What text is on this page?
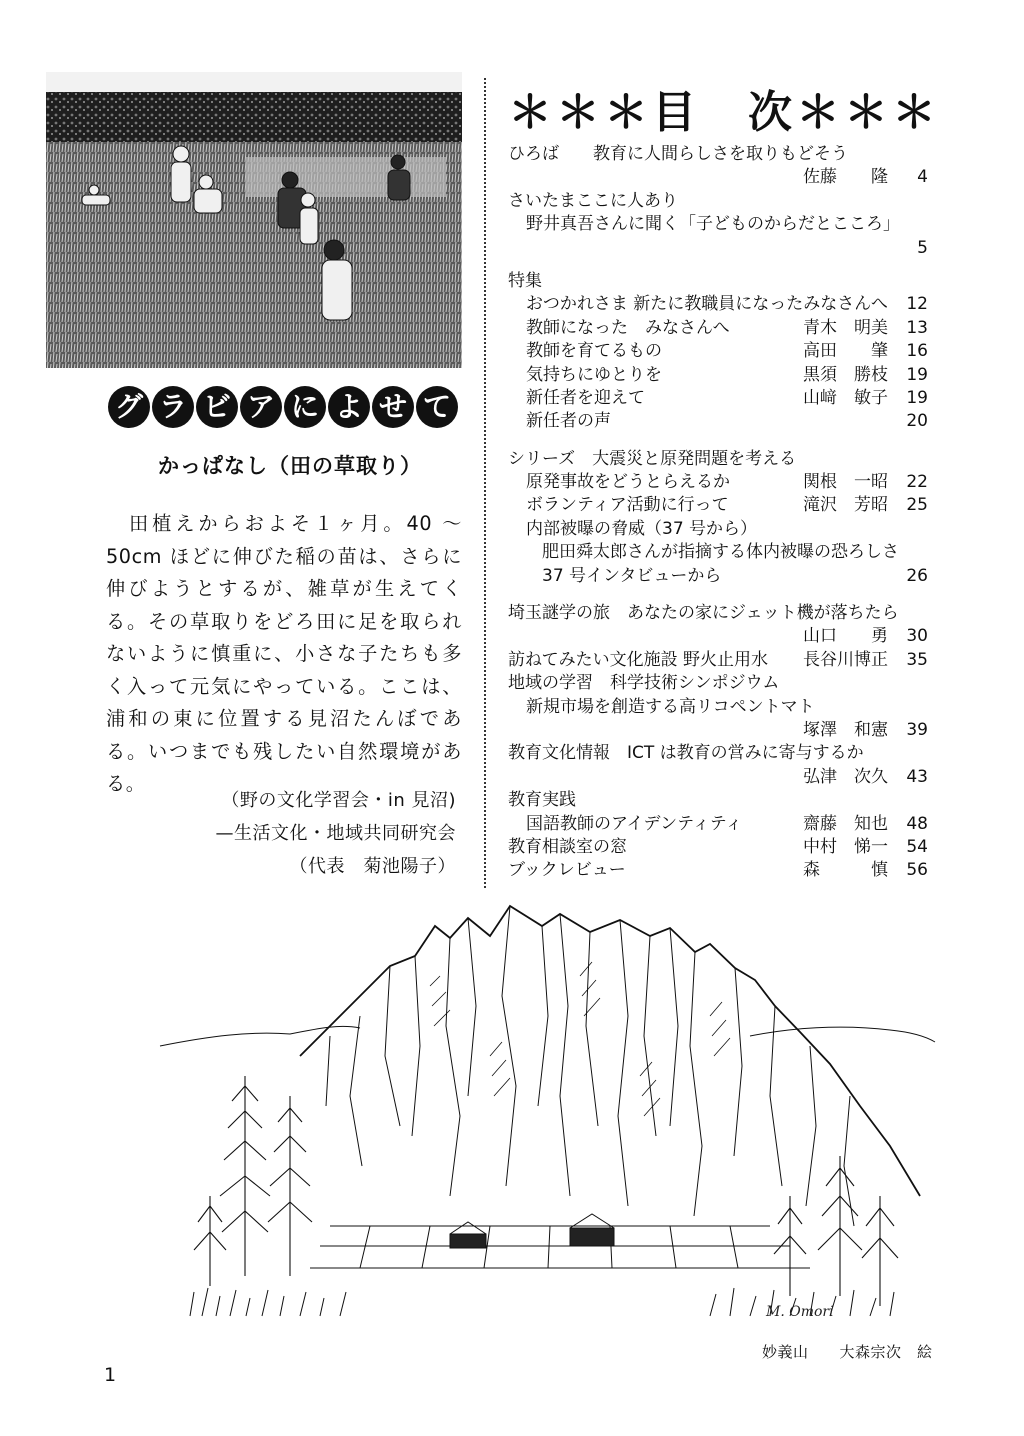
グ ラ ビ ア に よ せ て
かっぱなし（田の草取り）
田植えからおよそ１ヶ月。40 〜 50cm ほどに伸びた稲の苗は、さらに伸びようとするが、雑草が生えてくる。その草取りをどろ田に足を取られないように慎重に、小さな子たちも多く入って元気にやっている。ここは、浦和の東に位置する見沼たんぼである。いつまでも残したい自然環境がある。
（野の文化学習会・in 見沼)
—生活文化・地域共同研究会
（代表　菊池陽子）
＊＊＊目　次＊＊＊
ひろば　　教育に人間らしさを取りもどそう
佐藤　　隆	4
さいたまここに人あり
野井真吾さんに聞く「子どものからだとこころ」
5
特集
おつかれさま 新たに教職員になったみなさんへ	12
教師になった　みなさんへ	青木　明美	13
教師を育てるもの	高田　　肇	16
気持ちにゆとりを	黒須　勝枝	19
新任者を迎えて	山﨑　敏子	19
新任者の声	20
シリーズ　大震災と原発問題を考える
原発事故をどうとらえるか	関根　一昭	22
ボランティア活動に行って	滝沢　芳昭	25
内部被曝の脅威（37 号から）
肥田舜太郎さんが指摘する体内被曝の恐ろしさ
37 号インタビューから	26
埼玉謎学の旅　あなたの家にジェット機が落ちたら
山口　　勇	30
訪ねてみたい文化施設 野火止用水 長谷川博正	35
地域の学習　科学技術シンポジウム
新規市場を創造する高リコペントマト
塚澤　和憲	39
教育文化情報　ICT は教育の営みに寄与するか
弘津　次久	43
教育実践
国語教師のアイデンティティ	齋藤　知也	48
教育相談室の窓	中村　悌一	54
ブックレビュー	森　　　慎	56
M. Omori
妙義山　　大森宗次　絵
1
